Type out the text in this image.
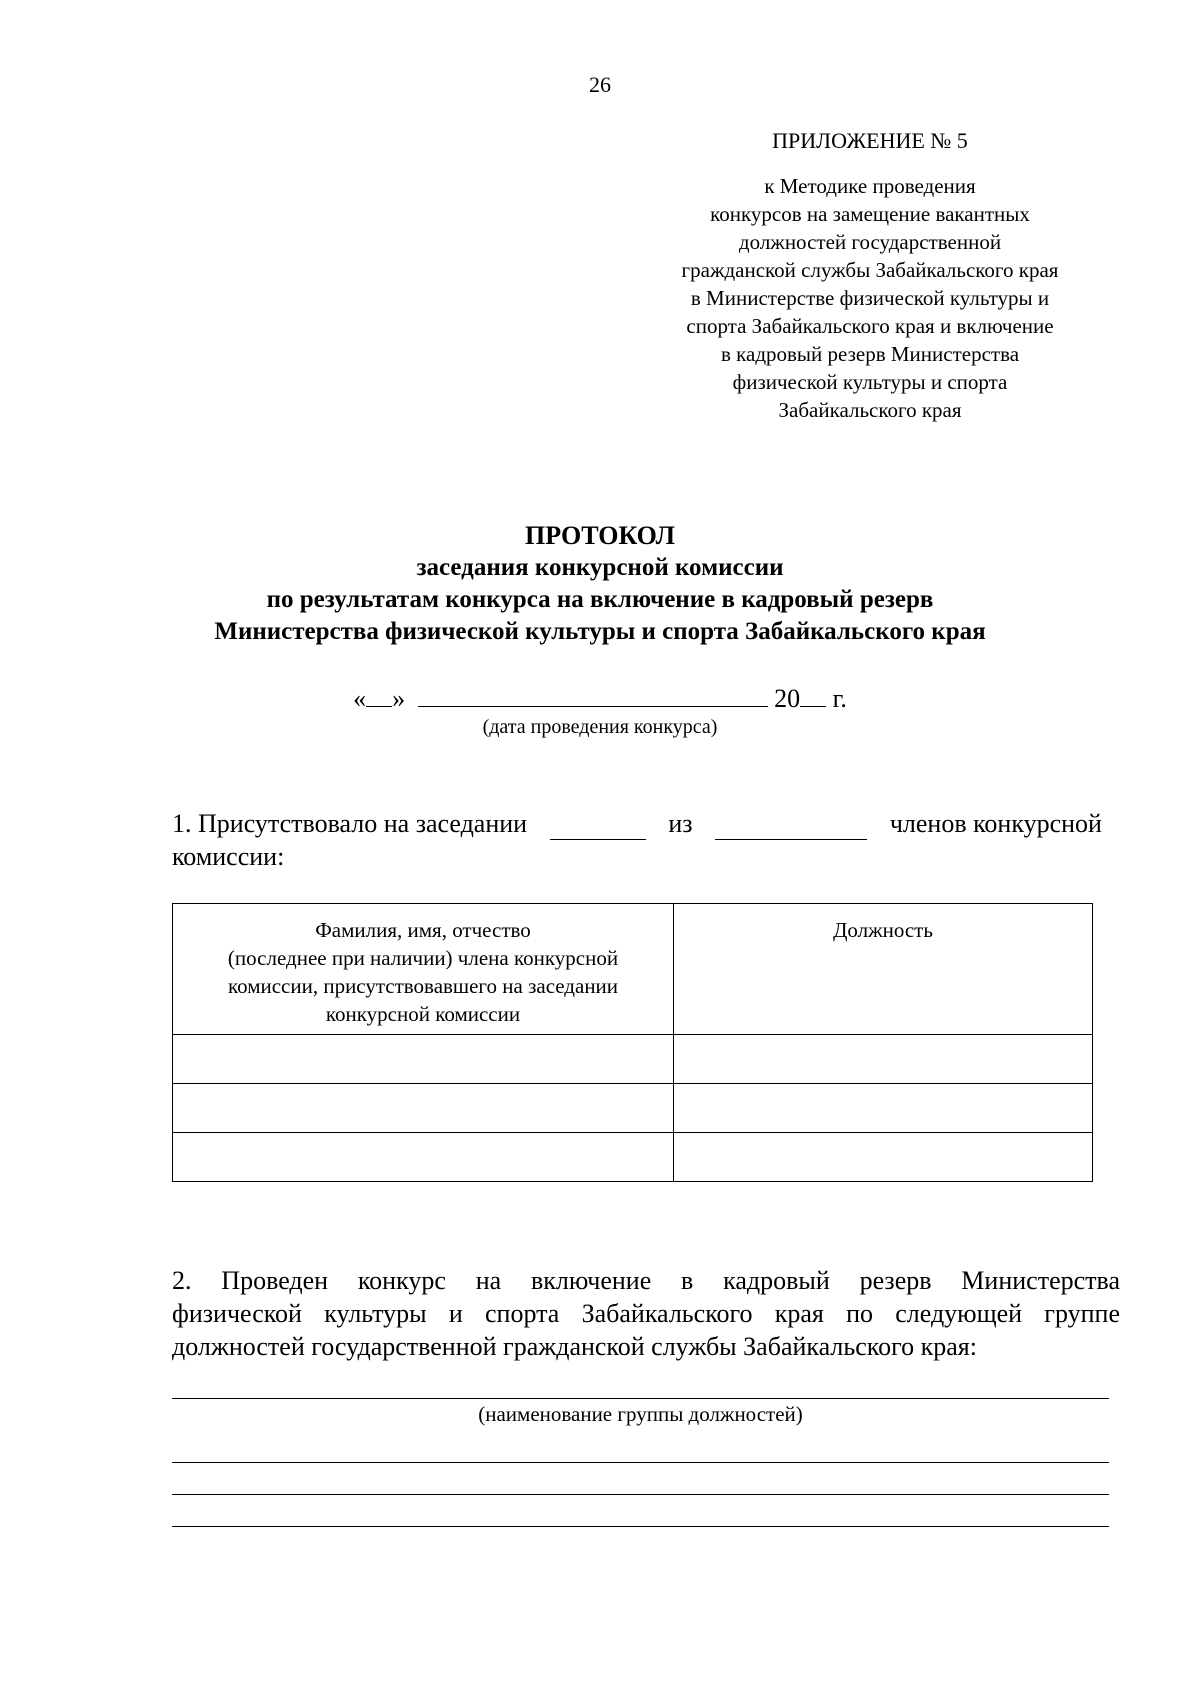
26
ПРИЛОЖЕНИЕ № 5
к Методике проведения
конкурсов на замещение вакантных
должностей государственной
гражданской службы Забайкальского края
в Министерстве физической культуры и
спорта Забайкальского края и включение
в кадровый резерв Министерства
физической культуры и спорта
Забайкальского края
ПРОТОКОЛ
заседания конкурсной комиссии
по результатам конкурса на включение в кадровый резерв
Министерства физической культуры и спорта Забайкальского края
« »	20 г.
(дата проведения конкурса)
1. Присутствовало на заседании	из	членов конкурсной
комиссии:
Фамилия, имя, отчество
(последнее при наличии) члена конкурсной
комиссии, присутствовавшего на заседании
конкурсной комиссии	Должность

2. Проведен конкурс на включение в кадровый резерв Министерства
физической культуры и спорта Забайкальского края по следующей группе
должностей государственной гражданской службы Забайкальского края:
(наименование группы должностей)
